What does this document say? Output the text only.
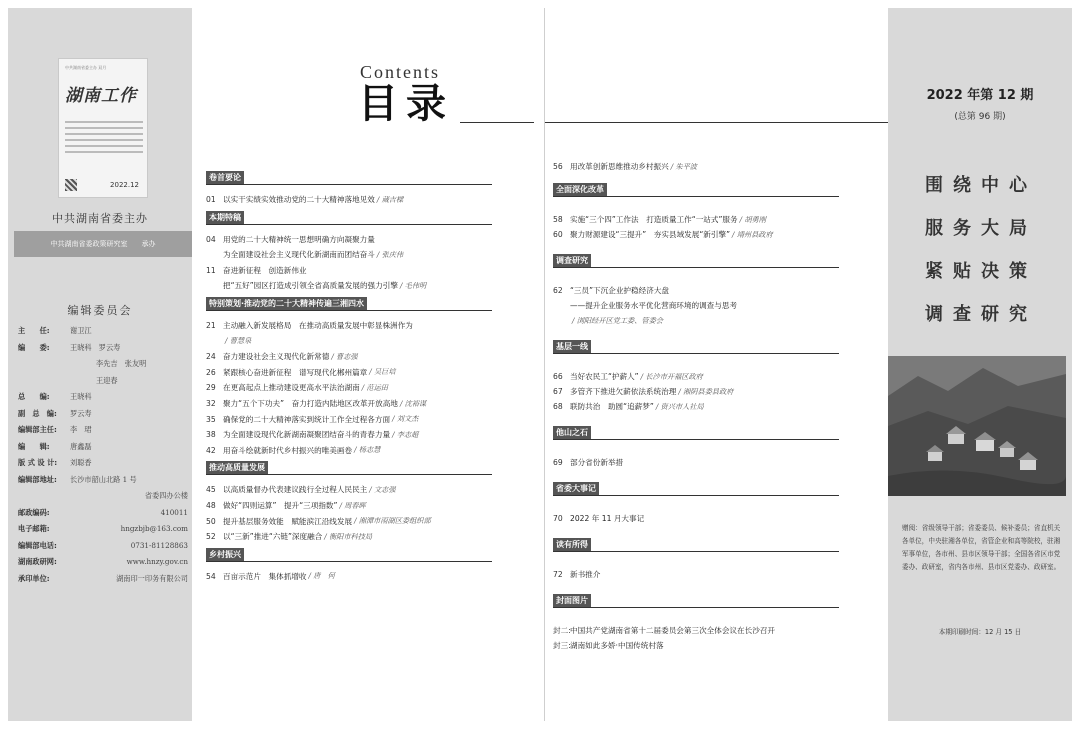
中共湖南省委主办 双月
湖南工作
2022.12
中共湖南省委主办
中共湖南省委政策研究室 承办
编辑委员会
主　　任:	谢卫江
编　　委:	王晓科　罗云寿
李先吉　张友明
王迎春
总　　编:	王晓科
副　总　编:	罗云寿
编辑部主任:	李　珺
编　　辑:	唐鑫磊
版 式 设 计:	刘聪香
编辑部地址:	长沙市韶山北路 1 号
省委四办公楼
邮政编码:	410011
电子邮箱:	hngzbjb@163.com
编辑部电话:	0731-81128863
湖南政研网:	www.hnzy.gov.cn
承印单位:	湖南印一印务有限公司
Contents
目录
卷首要论
01 以实干实绩实效推动党的二十大精神落地见效 / 蒇吉樑
本期特稿
04 用党的二十大精神统一思想明确方向凝聚力量
为全面建设社会主义现代化新湖南而团结奋斗 / 张庆伟
11 奋进新征程　创造新伟业
把“五好”园区打造成引领全省高质量发展的强力引擎 / 毛伟明
特别策划·推动党的二十大精神传遍三湘四水
21 主动融入新发展格局　在推动高质量发展中彰显株洲作为
/ 曹慧泉
24 奋力建设社会主义现代化新常德 / 曹志强
26 紧跟核心奋进新征程　谱写现代化郴州篇章 / 吴巨培
29 在更高起点上推动建设更高水平法治湖南 / 范运田
32 聚力“五个下功夫”　奋力打造内陆地区改革开放高地 / 沈裕谋
35 确保党的二十大精神落实到统计工作全过程各方面 / 刘文杰
38 为全面建设现代化新湖南凝聚团结奋斗的青春力量 / 李志超
42 用奋斗绘就新时代乡村振兴的唯美画卷 / 杨志慧
推动高质量发展
45 以高质量督办代表建议践行全过程人民民主 / 文志强
48 做好“四则运算”　提升“三项指数” / 周春晖
50 提升基层服务效能　赋能滨江沿线发展 / 湘潭市雨湖区委组织部
52 以“三新”推进“六链”深度融合 / 衡阳市科技局
乡村振兴
54 百亩示范片　集体抓增收 / 唐　何
56 用改革创新思维推动乡村振兴 / 朱平波
全面深化改革
58 实施“三个四”工作法　打造质量工作“一站式”服务 / 胡勇刚
60 聚力财源建设“三提升”　夯实县域发展“新引擎” / 靖州县政府
调查研究
62 “三员”下沉企业护稳经济大盘
——提升企业服务水平优化营商环境的调查与思考
/ 浏阳经开区党工委、管委会
基层一线
66 当好农民工“护薪人” / 长沙市开福区政府
67 多管齐下推进欠薪依法系统治理 / 湘阴县委县政府
68 联防共治　助圆“追薪梦” / 资兴市人社局
他山之石
69 部分省份新举措
省委大事记
70 2022 年 11 月大事记
读有所得
72 新书推介
封面图片
封二: 中国共产党湖南省第十二届委员会第三次全体会议在长沙召开
封三: 湖南如此多娇·中国传统村落
2022 年第 12 期
(总第 96 期)
围绕中心
服务大局
紧贴决策
调查研究
赠阅：省级领导干部；省委委员、候补委员；省直机关各单位，中央驻湘各单位，省管企业和高等院校，驻湘军事单位，各市州、县市区领导干部；全国各省区市党委办、政研室，省内各市州、县市区党委办、政研室。
本期印刷时间：12 月 15 日
